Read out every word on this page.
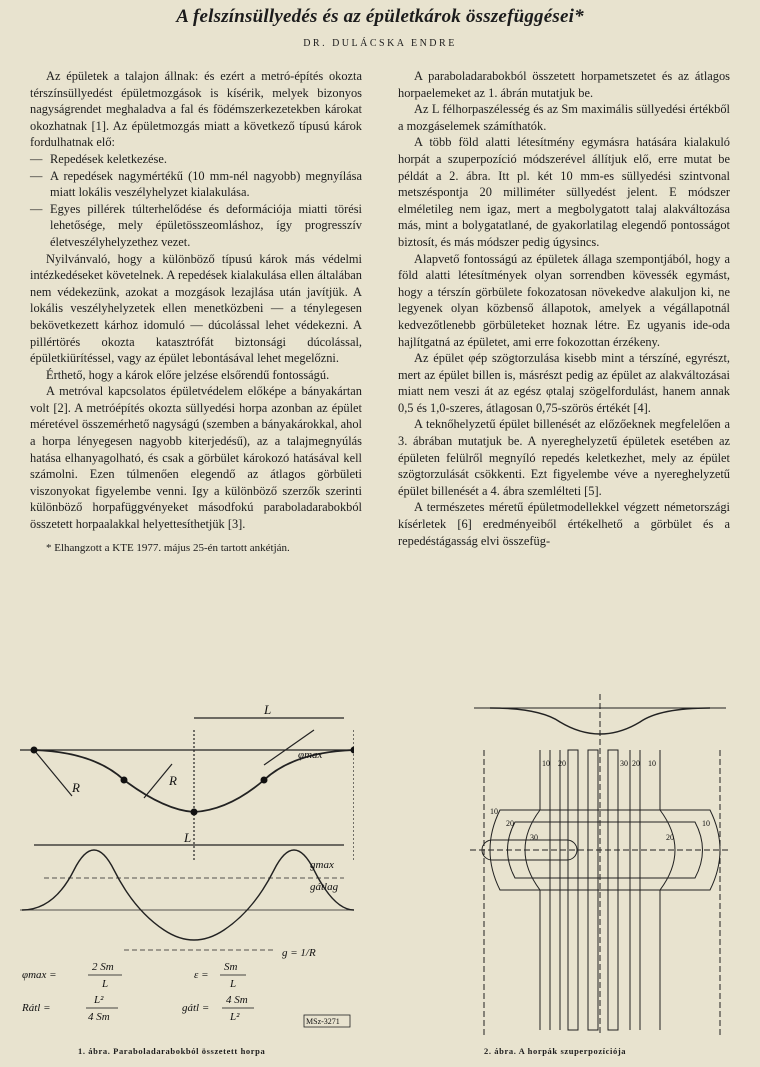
A felszínsüllyedés és az épületkárok összefüggései*
DR. DULÁCSKA ENDRE

Az épületek a talajon állnak: és ezért a metró-építés okozta térszínsüllyedést épületmozgások is kísérik, melyek bizonyos nagyságrendet meghaladva a fal és födémszerkezetekben károkat okozhatnak [1]. Az épületmozgás miatt a következő típusú károk fordulhatnak elő:

— Repedések keletkezése.
— A repedések nagymértékű (10 mm-nél nagyobb) megnyílása miatt lokális veszélyhelyzet kialakulása.
— Egyes pillérek túlterhelődése és deformációja miatti törési lehetősége, mely épületösszeomláshoz, így progresszív életveszélyhelyzethez vezet.

Nyilvánvaló, hogy a különböző típusú károk más védelmi intézkedéseket követelnek. A repedések kialakulása ellen általában nem védekezünk, azokat a mozgások lezajlása után javítjük. A lokális veszélyhelyzetek ellen menetközbeni — a ténylegesen bekövetkezett kárhoz idomuló — dúcolással lehet védekezni. A pillértörés okozta katasztrófát biztonsági dúcolással, épületkiürítéssel, vagy az épület lebontásával lehet megelőzni.

Érthető, hogy a károk előre jelzése elsőrendű fontosságú.

A metróval kapcsolatos épületvédelem előképe a bányakártan volt [2]. A metróépítés okozta süllyedési horpa azonban az épület méretével összemérhető nagyságú (szemben a bányakárokkal, ahol a horpa lényegesen nagyobb kiterjedésű), az a talajmegnyúlás hatása elhanyagolható, és csak a görbület károkozó hatásával kell számolni. Ezen túlmenően elegendő az átlagos görbületi viszonyokat figyelembe venni. Igy a különböző szerzők szerinti különböző horpafüggvényeket másodfokú paraboladarabokból összetett horpaalakkal helyettesíthetjük [3].

* Elhangzott a KTE 1977. május 25-én tartott ankétján.

A paraboladarabokból összetett horpametszetet és az átlagos horpaelemeket az 1. ábrán mutatjuk be.

Az L félhorpaszélesség és az Sm maximális süllyedési értékből a mozgáselemek számíthatók.

A több föld alatti létesítmény egymásra hatására kialakuló horpát a szuperpozíció módszerével állítjuk elő, erre mutat be példát a 2. ábra. Itt pl. két 10 mm-es süllyedési szintvonal metszéspontja 20 milliméter süllyedést jelent. E módszer elméletileg nem igaz, mert a megbolygatott talaj alakváltozása más, mint a bolygatatlané, de gyakorlatilag elegendő pontosságot biztosít, és más módszer pedig úgysincs.

Alapvető fontosságú az épületek állaga szempontjából, hogy a föld alatti létesítmények olyan sorrendben kövessék egymást, hogy a térszín görbülete fokozatosan növekedve alakuljon ki, ne legyenek olyan közbenső állapotok, amelyek a végállapotnál kedvezőtlenebb görbületeket hoznak létre. Ez ugyanis ide-oda hajlítgatná az épületet, ami erre fokozottan érzékeny.

Az épület φép szögtorzulása kisebb mint a térszíné, egyrészt, mert az épület billen is, másrészt pedig az épület az alakváltozásai miatt nem veszi át az egész φtalaj szögelfordulást, hanem annak 0,5 és 1,0-szeres, átlagosan 0,75-szörös értékét [4].

A teknőhelyzetű épület billenését az előzőeknek megfelelően a 3. ábrában mutatjuk be. A nyereghelyzetű épületek esetében az épületen felülről megnyíló repedés keletkezhet, mely az épület szögtorzulását csökkenti. Ezt figyelembe véve a nyereghelyzetű épület billenését a 4. ábra szemlélteti [5].

A természetes méretű épületmodellekkel végzett németországi kísérletek [6] eredményeiből értékelhető a görbület és a repedéstágasság elvi összefüg-

L
L
R	R
φmax
gmax
gátlag
g = 1/R
φmax =
2 Sm
L
ε =
Sm
L
Rátl =
L²
4 Sm
gátl =
4 Sm
L²	MSz-3271
1. ábra. Paraboladarabokból összetett horpa
10 20	30 20 10
10
20
30	20
10
2. ábra. A horpák szuperpozíciója
